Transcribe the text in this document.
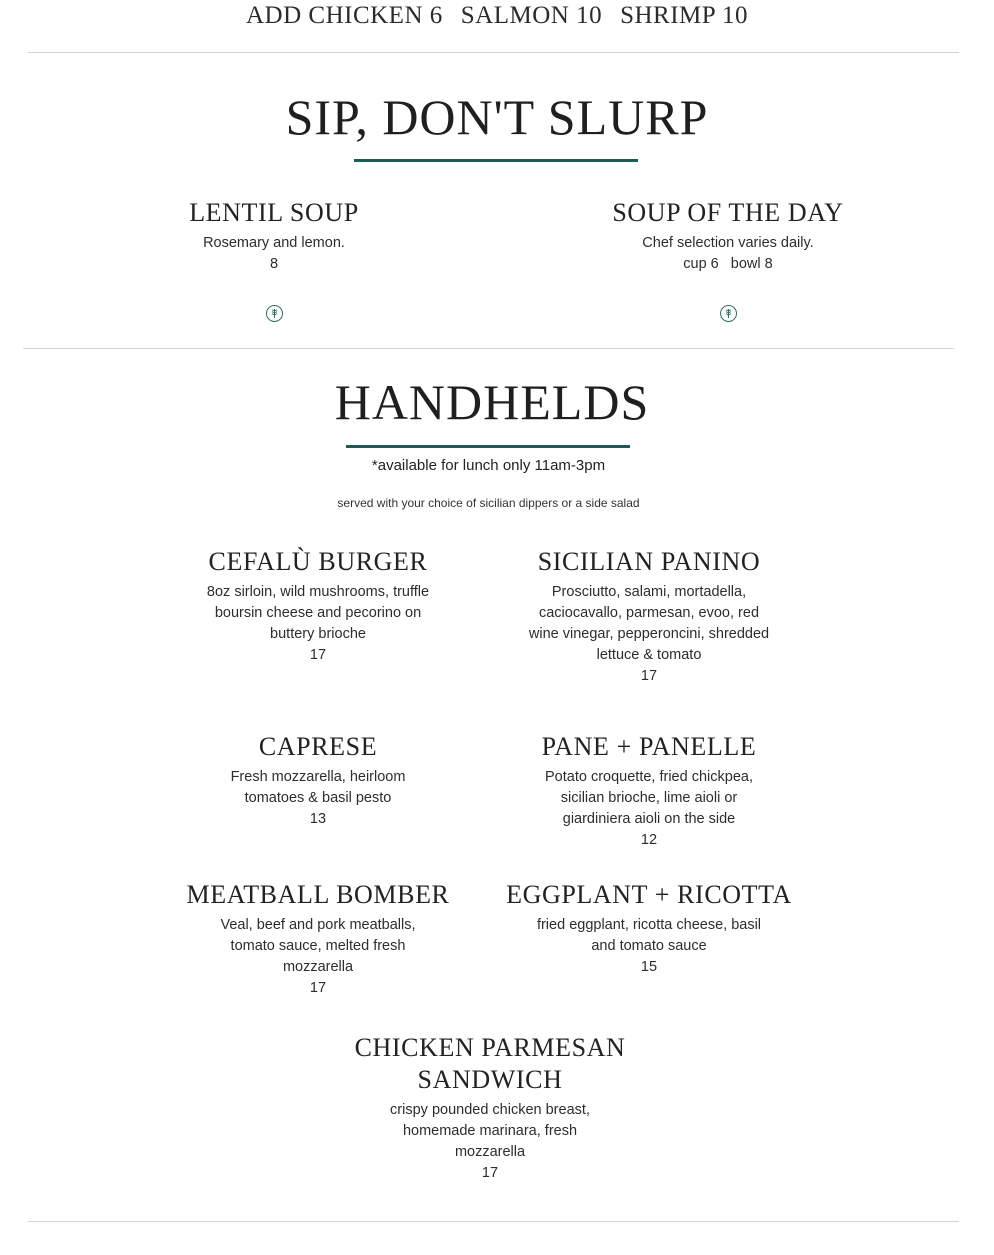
ADD CHICKEN 6 SALMON 10 SHRIMP 10
SIP, DON'T SLURP
LENTIL SOUP
Rosemary and lemon.
8
SOUP OF THE DAY
Chef selection varies daily.
cup 6   bowl 8
HANDHELDS
*available for lunch only 11am-3pm
served with your choice of sicilian dippers or a side salad
CEFALÙ BURGER
8oz sirloin, wild mushrooms, truffle
boursin cheese and pecorino on
buttery brioche
17
SICILIAN PANINO
Prosciutto, salami, mortadella,
caciocavallo, parmesan, evoo, red
wine vinegar, pepperoncini, shredded
lettuce & tomato
17
CAPRESE
Fresh mozzarella, heirloom
tomatoes & basil pesto
13
PANE + PANELLE
Potato croquette, fried chickpea,
sicilian brioche, lime aioli or
giardiniera aioli on the side
12
MEATBALL BOMBER
Veal, beef and pork meatballs,
tomato sauce, melted fresh
mozzarella
17
EGGPLANT + RICOTTA
fried eggplant, ricotta cheese, basil
and tomato sauce
15
CHICKEN PARMESAN
SANDWICH
crispy pounded chicken breast,
homemade marinara, fresh
mozzarella
17
